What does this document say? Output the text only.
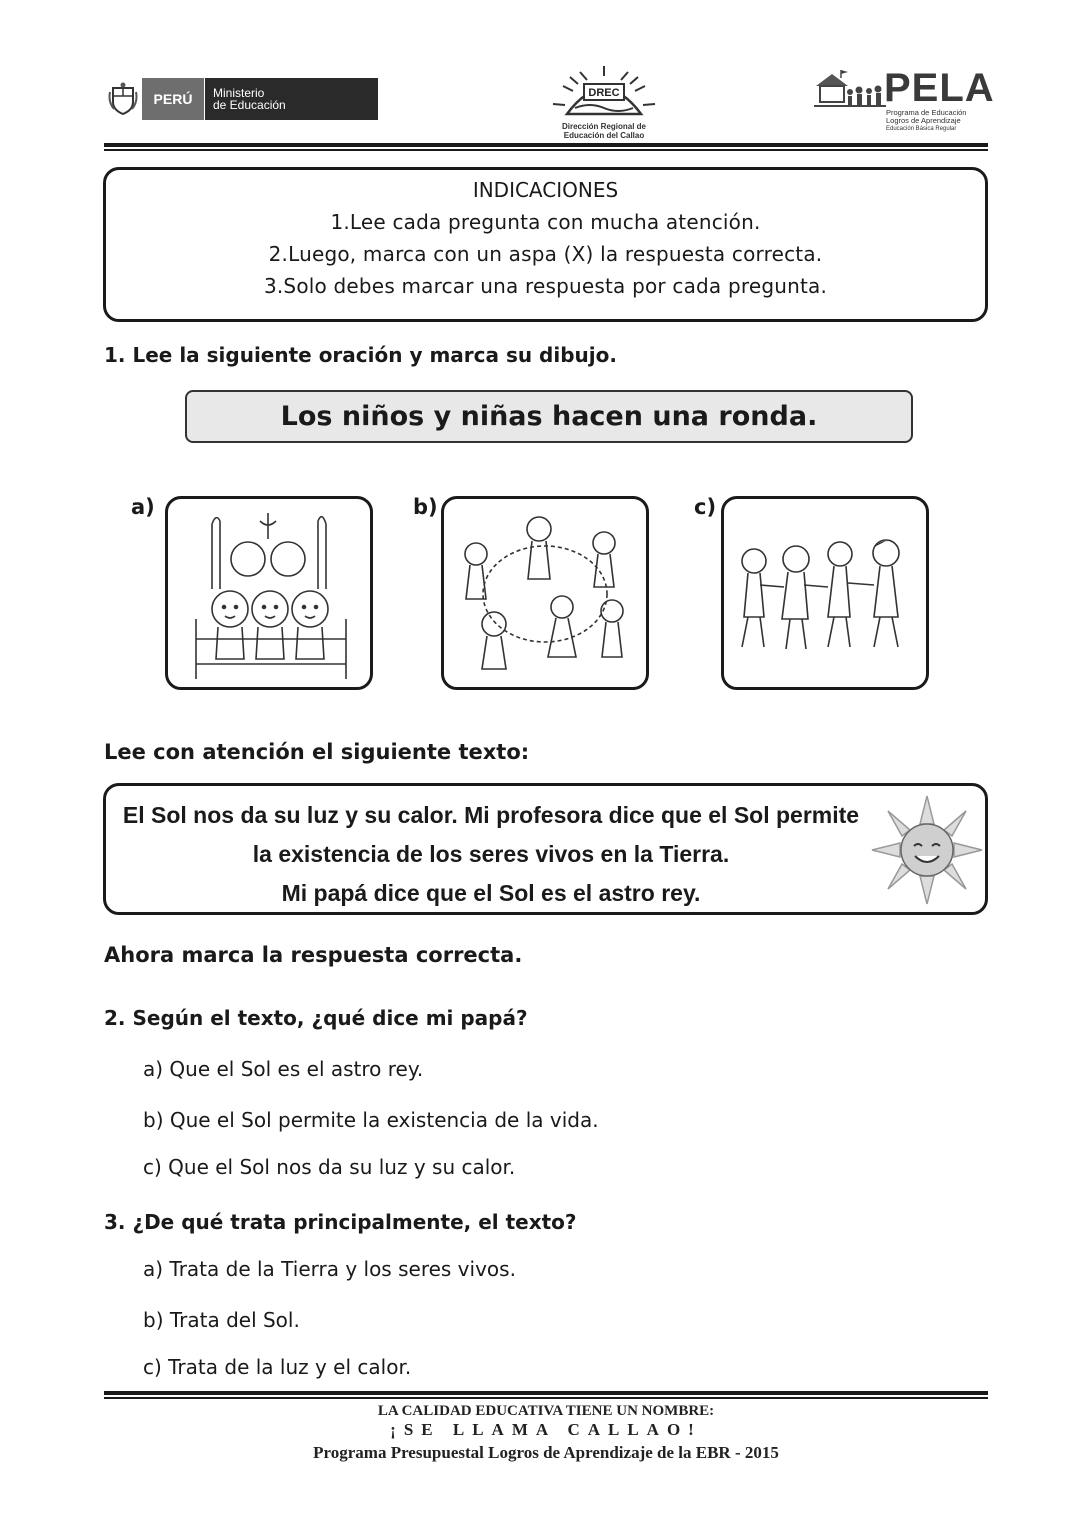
PERÚ	Ministerio
de Educación
DREC
Dirección Regional de
Educación del Callao
PELA
Programa de Educación
Logros de Aprendizaje
Educación Básica Regular
INDICACIONES
1.Lee cada pregunta con mucha atención.
2.Luego, marca con un aspa (X) la respuesta correcta.
3.Solo debes marcar una respuesta por cada pregunta.
1. Lee la siguiente oración y marca su dibujo.
Los niños y niñas hacen una ronda.
a)	b)	c)
Lee con atención el siguiente texto:
El Sol nos da su luz y su calor. Mi profesora dice que el Sol permite
la existencia de los seres vivos en la Tierra.
Mi papá dice que el Sol es el astro rey.
Ahora marca la respuesta correcta.
2. Según el texto, ¿qué dice mi papá?
a) Que el Sol es el astro rey.
b) Que el Sol permite la existencia de la vida.
c) Que el Sol nos da su luz y su calor.
3. ¿De qué trata principalmente, el texto?
a) Trata de la Tierra y los seres vivos.
b) Trata del Sol.
c) Trata de la luz y el calor.
LA CALIDAD EDUCATIVA TIENE UN NOMBRE:
¡SE LLAMA CALLAO!
Programa Presupuestal Logros de Aprendizaje de la EBR - 2015
